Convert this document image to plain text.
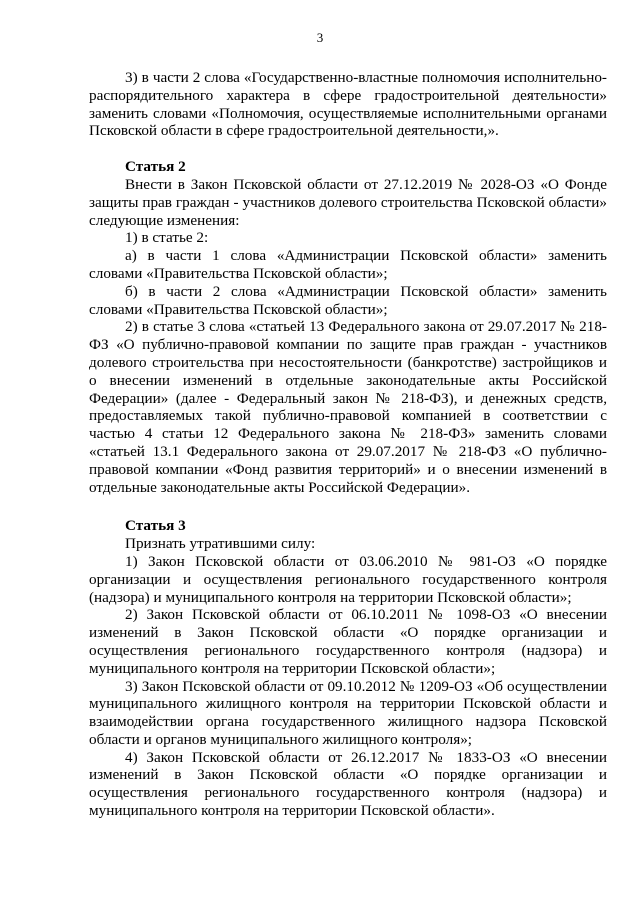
3

3) в части 2 слова «Государственно-властные полномочия исполнительно-распорядительного характера в сфере градостроительной деятельности» заменить словами «Полномочия, осуществляемые исполнительными органами Псковской области в сфере градостроительной деятельности,».

Статья 2

Внести в Закон Псковской области от 27.12.2019 № 2028-ОЗ «О Фонде защиты прав граждан - участников долевого строительства Псковской области» следующие изменения:

1) в статье 2:

а) в части 1 слова «Администрации Псковской области» заменить словами «Правительства Псковской области»;

б) в части 2 слова «Администрации Псковской области» заменить словами «Правительства Псковской области»;

2) в статье 3 слова «статьей 13 Федерального закона от 29.07.2017 № 218-ФЗ «О публично-правовой компании по защите прав граждан - участников долевого строительства при несостоятельности (банкротстве) застройщиков и о внесении изменений в отдельные законодательные акты Российской Федерации» (далее - Федеральный закон № 218-ФЗ), и денежных средств, предоставляемых такой публично-правовой компанией в соответствии с частью 4 статьи 12 Федерального закона № 218-ФЗ» заменить словами «статьей 13.1 Федерального закона от 29.07.2017 № 218-ФЗ «О публично-правовой компании «Фонд развития территорий» и о внесении изменений в отдельные законодательные акты Российской Федерации».

Статья 3

Признать утратившими силу:

1) Закон Псковской области от 03.06.2010 № 981-ОЗ «О порядке организации и осуществления регионального государственного контроля (надзора) и муниципального контроля на территории Псковской области»;

2) Закон Псковской области от 06.10.2011 № 1098-ОЗ «О внесении изменений в Закон Псковской области «О порядке организации и осуществления регионального государственного контроля (надзора) и муниципального контроля на территории Псковской области»;

3) Закон Псковской области от 09.10.2012 № 1209-ОЗ «Об осуществлении муниципального жилищного контроля на территории Псковской области и взаимодействии органа государственного жилищного надзора Псковской области и органов муниципального жилищного контроля»;

4) Закон Псковской области от 26.12.2017 № 1833-ОЗ «О внесении изменений в Закон Псковской области «О порядке организации и осуществления регионального государственного контроля (надзора) и муниципального контроля на территории Псковской области».
